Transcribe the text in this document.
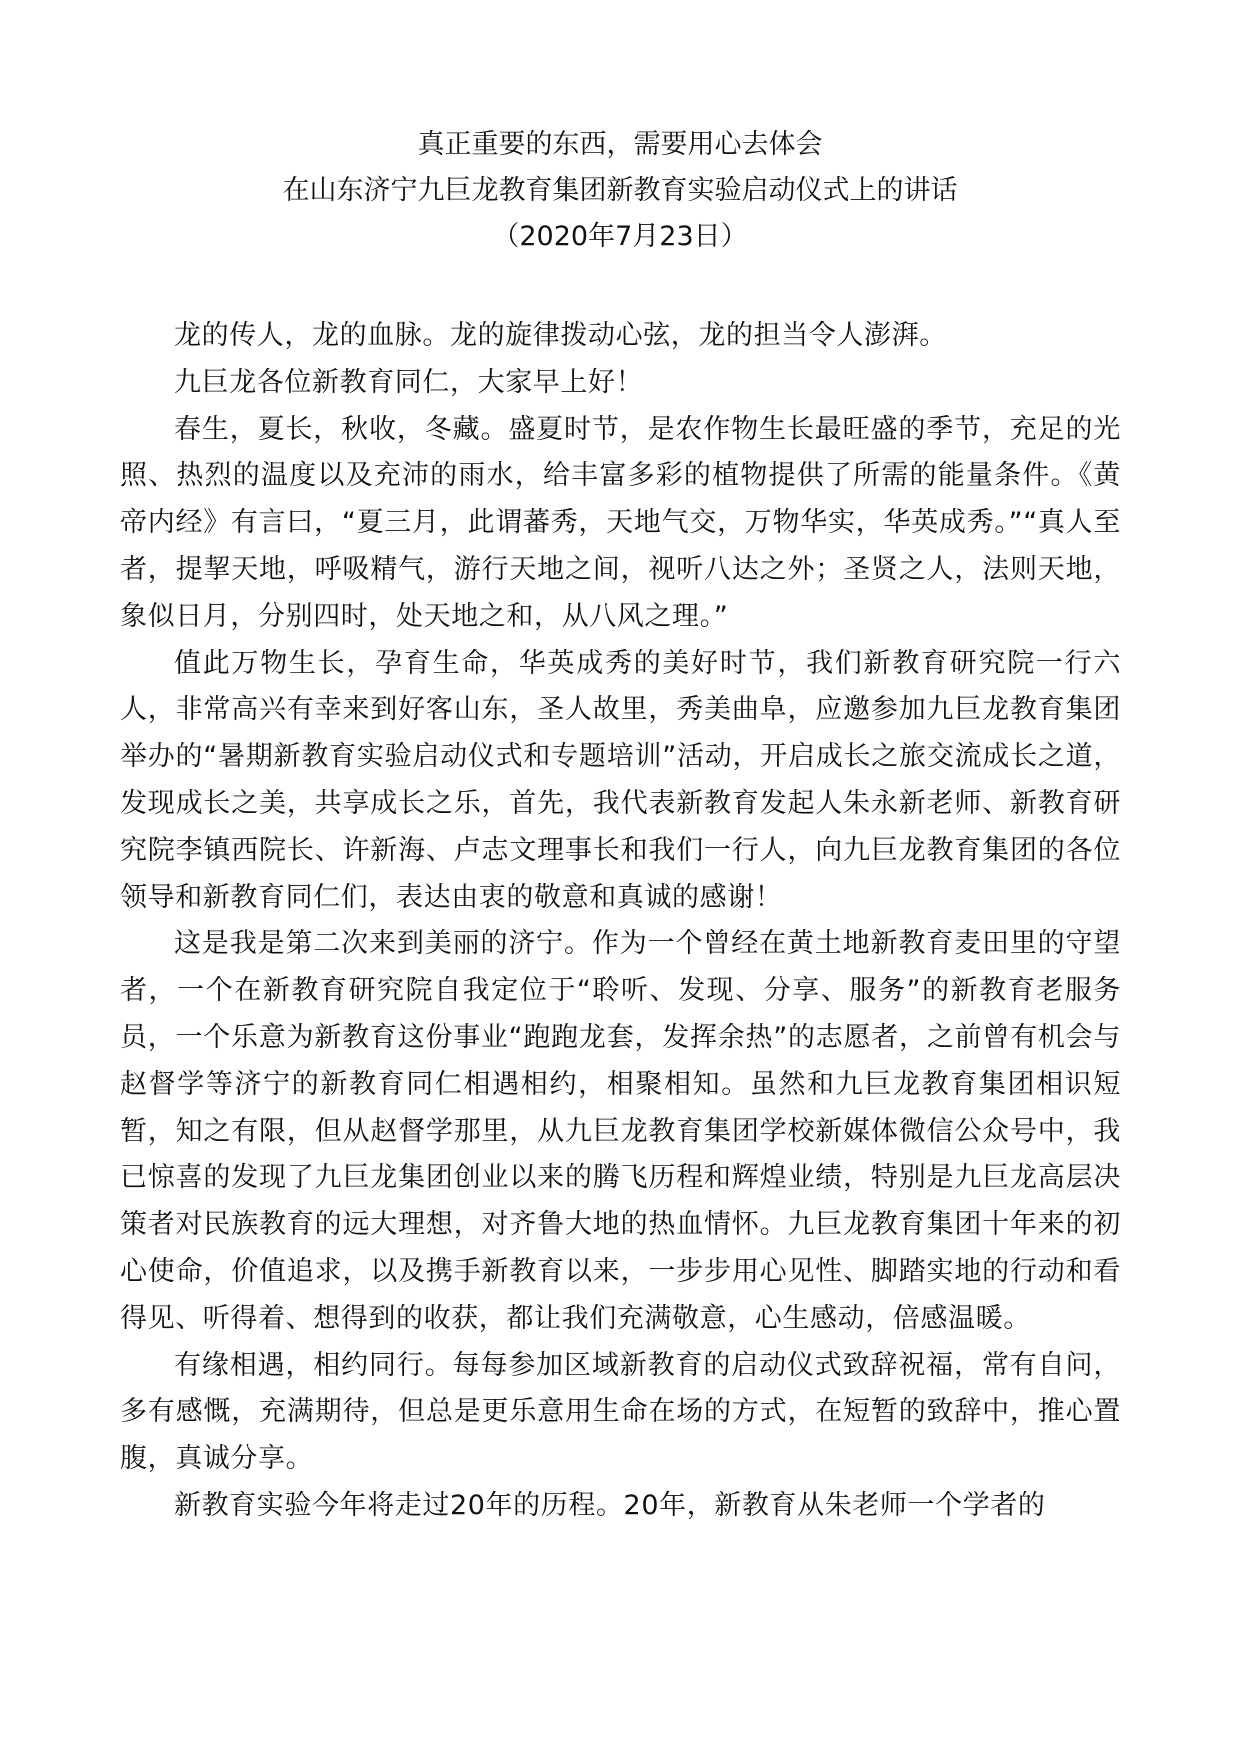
真正重要的东西，需要用心去体会
在山东济宁九巨龙教育集团新教育实验启动仪式上的讲话
（2020年7月23日）

龙的传人，龙的血脉。龙的旋律拨动心弦，龙的担当令人澎湃。

九巨龙各位新教育同仁，大家早上好！

春生，夏长，秋收，冬藏。盛夏时节，是农作物生长最旺盛的季节，充足的光照、热烈的温度以及充沛的雨水，给丰富多彩的植物提供了所需的能量条件。《黄帝内经》有言曰，“夏三月，此谓蕃秀，天地气交，万物华实，华英成秀。”“真人至者，提挈天地，呼吸精气，游行天地之间，视听八达之外；圣贤之人，法则天地，象似日月，分别四时，处天地之和，从八风之理。”

值此万物生长，孕育生命，华英成秀的美好时节，我们新教育研究院一行六人，非常高兴有幸来到好客山东，圣人故里，秀美曲阜，应邀参加九巨龙教育集团举办的“暑期新教育实验启动仪式和专题培训”活动，开启成长之旅交流成长之道，发现成长之美，共享成长之乐，首先，我代表新教育发起人朱永新老师、新教育研究院李镇西院长、许新海、卢志文理事长和我们一行人，向九巨龙教育集团的各位领导和新教育同仁们，表达由衷的敬意和真诚的感谢！

这是我是第二次来到美丽的济宁。作为一个曾经在黄土地新教育麦田里的守望者，一个在新教育研究院自我定位于“聆听、发现、分享、服务”的新教育老服务员，一个乐意为新教育这份事业“跑跑龙套，发挥余热”的志愿者，之前曾有机会与赵督学等济宁的新教育同仁相遇相约，相聚相知。虽然和九巨龙教育集团相识短暂，知之有限，但从赵督学那里，从九巨龙教育集团学校新媒体微信公众号中，我已惊喜的发现了九巨龙集团创业以来的腾飞历程和辉煌业绩，特别是九巨龙高层决策者对民族教育的远大理想，对齐鲁大地的热血情怀。九巨龙教育集团十年来的初心使命，价值追求，以及携手新教育以来，一步步用心见性、脚踏实地的行动和看得见、听得着、想得到的收获，都让我们充满敬意，心生感动，倍感温暖。

有缘相遇，相约同行。每每参加区域新教育的启动仪式致辞祝福，常有自问，多有感慨，充满期待，但总是更乐意用生命在场的方式，在短暂的致辞中，推心置腹，真诚分享。

新教育实验今年将走过20年的历程。20年，新教育从朱老师一个学者的
